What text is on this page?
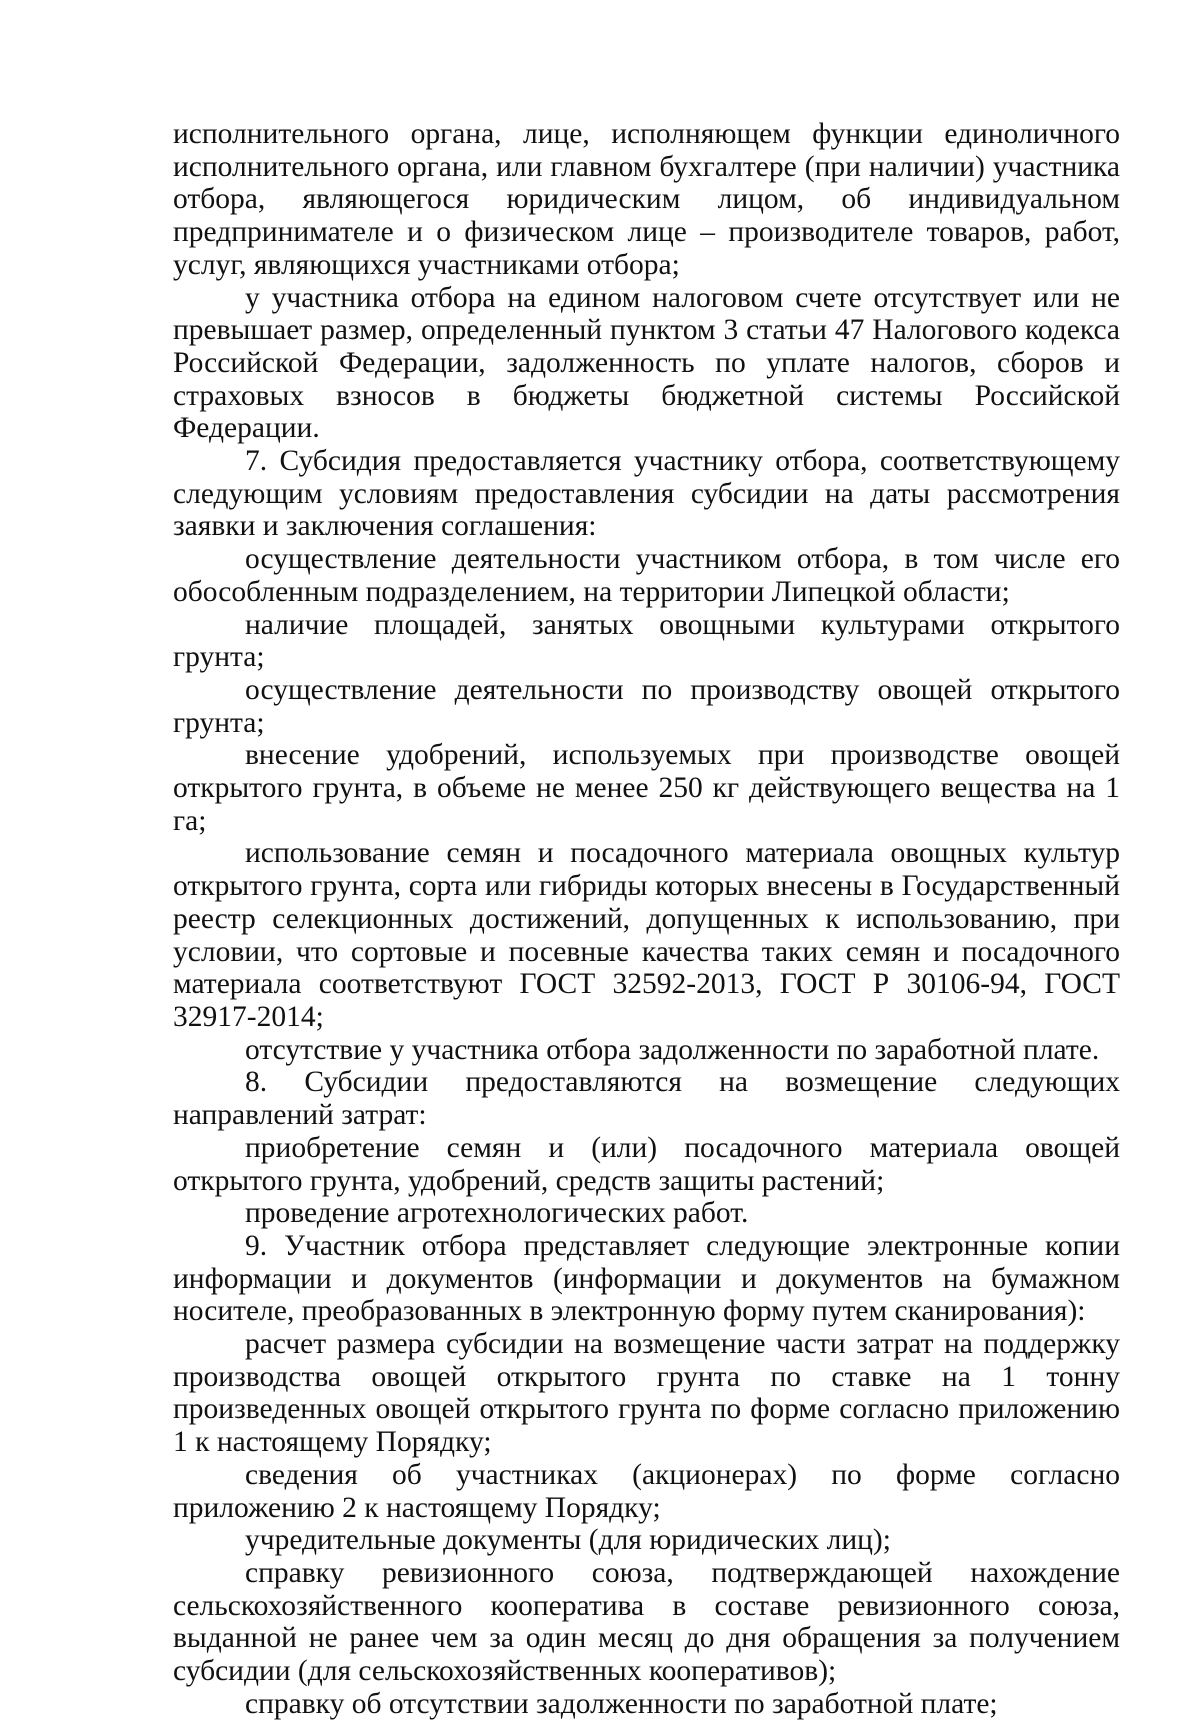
исполнительного органа, лице, исполняющем функции единоличного исполнительного органа, или главном бухгалтере (при наличии) участника отбора, являющегося юридическим лицом, об индивидуальном предпринимателе и о физическом лице – производителе товаров, работ, услуг, являющихся участниками отбора;

у участника отбора на едином налоговом счете отсутствует или не превышает размер, определенный пунктом 3 статьи 47 Налогового кодекса Российской Федерации, задолженность по уплате налогов, сборов и страховых взносов в бюджеты бюджетной системы Российской Федерации.

7. Субсидия предоставляется участнику отбора, соответствующему следующим условиям предоставления субсидии на даты рассмотрения заявки и заключения соглашения:

осуществление деятельности участником отбора, в том числе его обособленным подразделением, на территории Липецкой области;

наличие площадей, занятых овощными культурами открытого грунта;

осуществление деятельности по производству овощей открытого грунта;

внесение удобрений, используемых при производстве овощей открытого грунта, в объеме не менее 250 кг действующего вещества на 1 га;

использование семян и посадочного материала овощных культур открытого грунта, сорта или гибриды которых внесены в Государственный реестр селекционных достижений, допущенных к использованию, при условии, что сортовые и посевные качества таких семян и посадочного материала соответствуют ГОСТ 32592-2013, ГОСТ Р 30106-94, ГОСТ 32917-2014;

отсутствие у участника отбора задолженности по заработной плате.

8. Субсидии предоставляются на возмещение следующих направлений затрат:

приобретение семян и (или) посадочного материала овощей открытого грунта, удобрений, средств защиты растений;

проведение агротехнологических работ.

9. Участник отбора представляет следующие электронные копии информации и документов (информации и документов на бумажном носителе, преобразованных в электронную форму путем сканирования):

расчет размера субсидии на возмещение части затрат на поддержку производства овощей открытого грунта по ставке на 1 тонну произведенных овощей открытого грунта по форме согласно приложению 1 к настоящему Порядку;

сведения об участниках (акционерах) по форме согласно приложению 2 к настоящему Порядку;

учредительные документы (для юридических лиц);

справку ревизионного союза, подтверждающей нахождение сельскохозяйственного кооператива в составе ревизионного союза, выданной не ранее чем за один месяц до дня обращения за получением субсидии (для сельскохозяйственных кооперативов);

справку об отсутствии задолженности по заработной плате;
